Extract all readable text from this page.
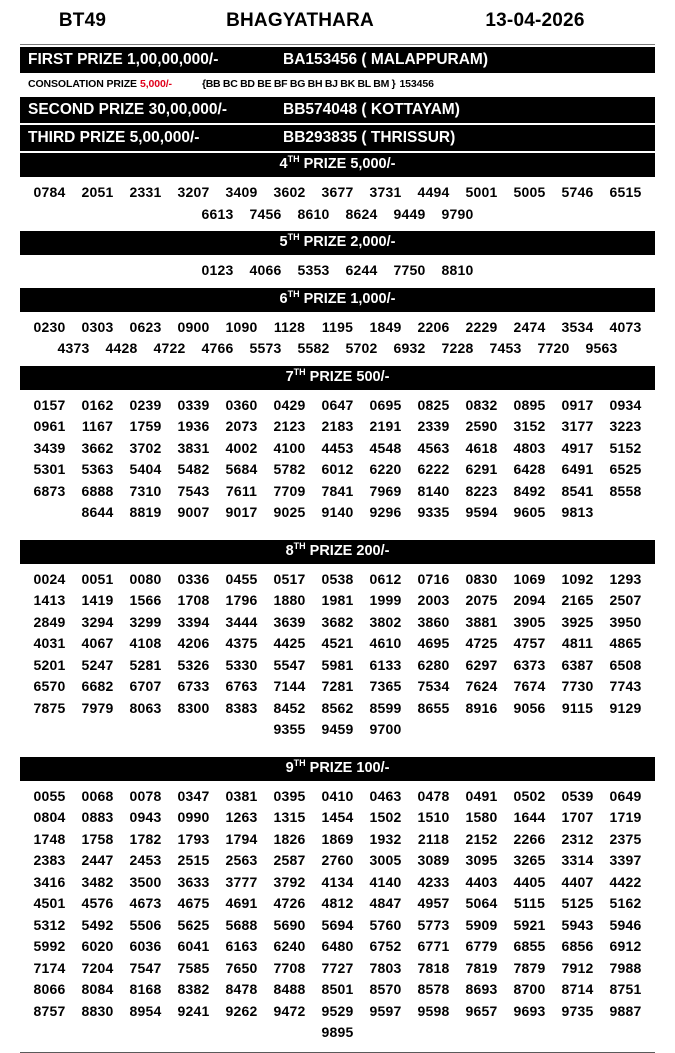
BT49	BHAGYATHARA	13-04-2026
FIRST PRIZE 1,00,00,000/-	BA153456 ( MALAPPURAM)
CONSOLATION PRIZE 5,000/-	{BB BC BD BE BF BG BH BJ BK BL BM } 153456
SECOND PRIZE 30,00,000/-	BB574048 ( KOTTAYAM)
THIRD PRIZE 5,00,000/-	BB293835 ( THRISSUR)
4TH PRIZE 5,000/-
0784	2051	2331	3207	3409	3602	3677	3731	4494	5001	5005	5746	6515
6613	7456	8610	8624	9449	9790
5TH PRIZE 2,000/-
0123	4066	5353	6244	7750	8810
6TH PRIZE 1,000/-
0230	0303	0623	0900	1090	1128	1195	1849	2206	2229	2474	3534	4073
4373	4428	4722	4766	5573	5582	5702	6932	7228	7453	7720	9563
7TH PRIZE 500/-
0157	0162	0239	0339	0360	0429	0647	0695	0825	0832	0895	0917	0934
0961	1167	1759	1936	2073	2123	2183	2191	2339	2590	3152	3177	3223
3439	3662	3702	3831	4002	4100	4453	4548	4563	4618	4803	4917	5152
5301	5363	5404	5482	5684	5782	6012	6220	6222	6291	6428	6491	6525
6873	6888	7310	7543	7611	7709	7841	7969	8140	8223	8492	8541	8558
8644	8819	9007	9017	9025	9140	9296	9335	9594	9605	9813
8TH PRIZE 200/-
0024	0051	0080	0336	0455	0517	0538	0612	0716	0830	1069	1092	1293
1413	1419	1566	1708	1796	1880	1981	1999	2003	2075	2094	2165	2507
2849	3294	3299	3394	3444	3639	3682	3802	3860	3881	3905	3925	3950
4031	4067	4108	4206	4375	4425	4521	4610	4695	4725	4757	4811	4865
5201	5247	5281	5326	5330	5547	5981	6133	6280	6297	6373	6387	6508
6570	6682	6707	6733	6763	7144	7281	7365	7534	7624	7674	7730	7743
7875	7979	8063	8300	8383	8452	8562	8599	8655	8916	9056	9115	9129
9355	9459	9700
9TH PRIZE 100/-
0055	0068	0078	0347	0381	0395	0410	0463	0478	0491	0502	0539	0649
0804	0883	0943	0990	1263	1315	1454	1502	1510	1580	1644	1707	1719
1748	1758	1782	1793	1794	1826	1869	1932	2118	2152	2266	2312	2375
2383	2447	2453	2515	2563	2587	2760	3005	3089	3095	3265	3314	3397
3416	3482	3500	3633	3777	3792	4134	4140	4233	4403	4405	4407	4422
4501	4576	4673	4675	4691	4726	4812	4847	4957	5064	5115	5125	5162
5312	5492	5506	5625	5688	5690	5694	5760	5773	5909	5921	5943	5946
5992	6020	6036	6041	6163	6240	6480	6752	6771	6779	6855	6856	6912
7174	7204	7547	7585	7650	7708	7727	7803	7818	7819	7879	7912	7988
8066	8084	8168	8382	8478	8488	8501	8570	8578	8693	8700	8714	8751
8757	8830	8954	9241	9262	9472	9529	9597	9598	9657	9693	9735	9887
9895
